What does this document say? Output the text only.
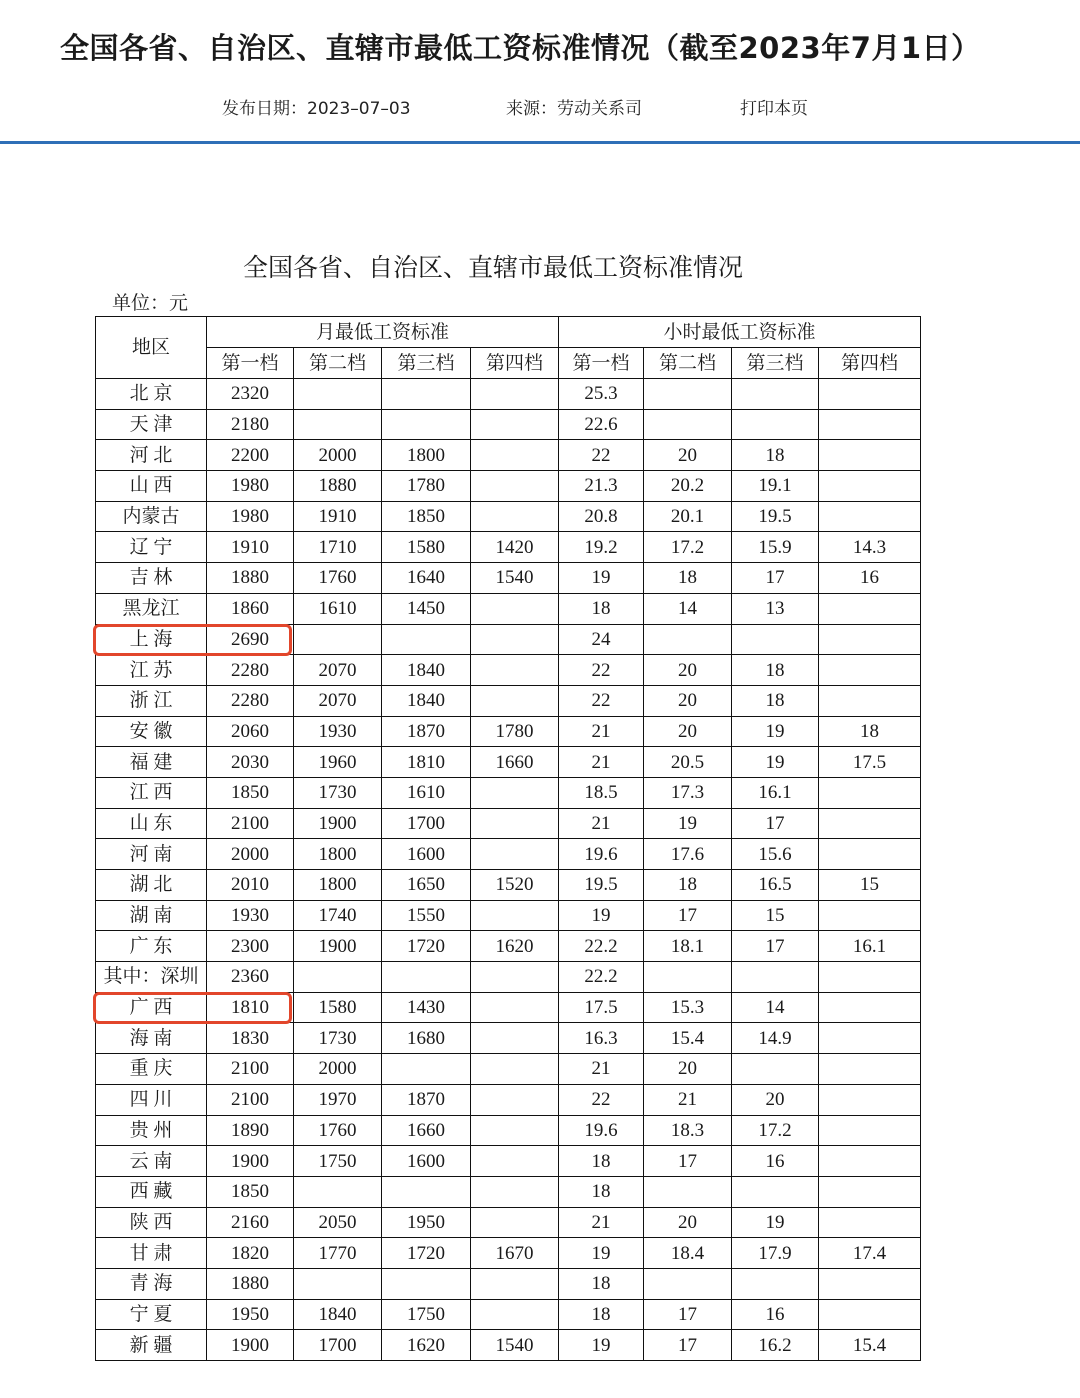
全国各省、自治区、直辖市最低工资标准情况（截至2023年7月1日）
发布日期：2023–07–03	来源：劳动关系司	打印本页
全国各省、自治区、直辖市最低工资标准情况
单位：元
地区	月最低工资标准				小时最低工资标准			
	第一档	第二档	第三档	第四档	第一档	第二档	第三档	第四档
北 京	2320				25.3			
天 津	2180				22.6			
河 北	2200	2000	1800		22	20	18	
山 西	1980	1880	1780		21.3	20.2	19.1	
内蒙古	1980	1910	1850		20.8	20.1	19.5	
辽 宁	1910	1710	1580	1420	19.2	17.2	15.9	14.3
吉 林	1880	1760	1640	1540	19	18	17	16
黑龙江	1860	1610	1450		18	14	13	
上 海	2690				24			
江 苏	2280	2070	1840		22	20	18	
浙 江	2280	2070	1840		22	20	18	
安 徽	2060	1930	1870	1780	21	20	19	18
福 建	2030	1960	1810	1660	21	20.5	19	17.5
江 西	1850	1730	1610		18.5	17.3	16.1	
山 东	2100	1900	1700		21	19	17	
河 南	2000	1800	1600		19.6	17.6	15.6	
湖 北	2010	1800	1650	1520	19.5	18	16.5	15
湖 南	1930	1740	1550		19	17	15	
广 东	2300	1900	1720	1620	22.2	18.1	17	16.1
其中：深圳	2360				22.2			
广 西	1810	1580	1430		17.5	15.3	14	
海 南	1830	1730	1680		16.3	15.4	14.9	
重 庆	2100	2000			21	20		
四 川	2100	1970	1870		22	21	20	
贵 州	1890	1760	1660		19.6	18.3	17.2	
云 南	1900	1750	1600		18	17	16	
西 藏	1850				18			
陕 西	2160	2050	1950		21	20	19	
甘 肃	1820	1770	1720	1670	19	18.4	17.9	17.4
青 海	1880				18			
宁 夏	1950	1840	1750		18	17	16	
新 疆	1900	1700	1620	1540	19	17	16.2	15.4
